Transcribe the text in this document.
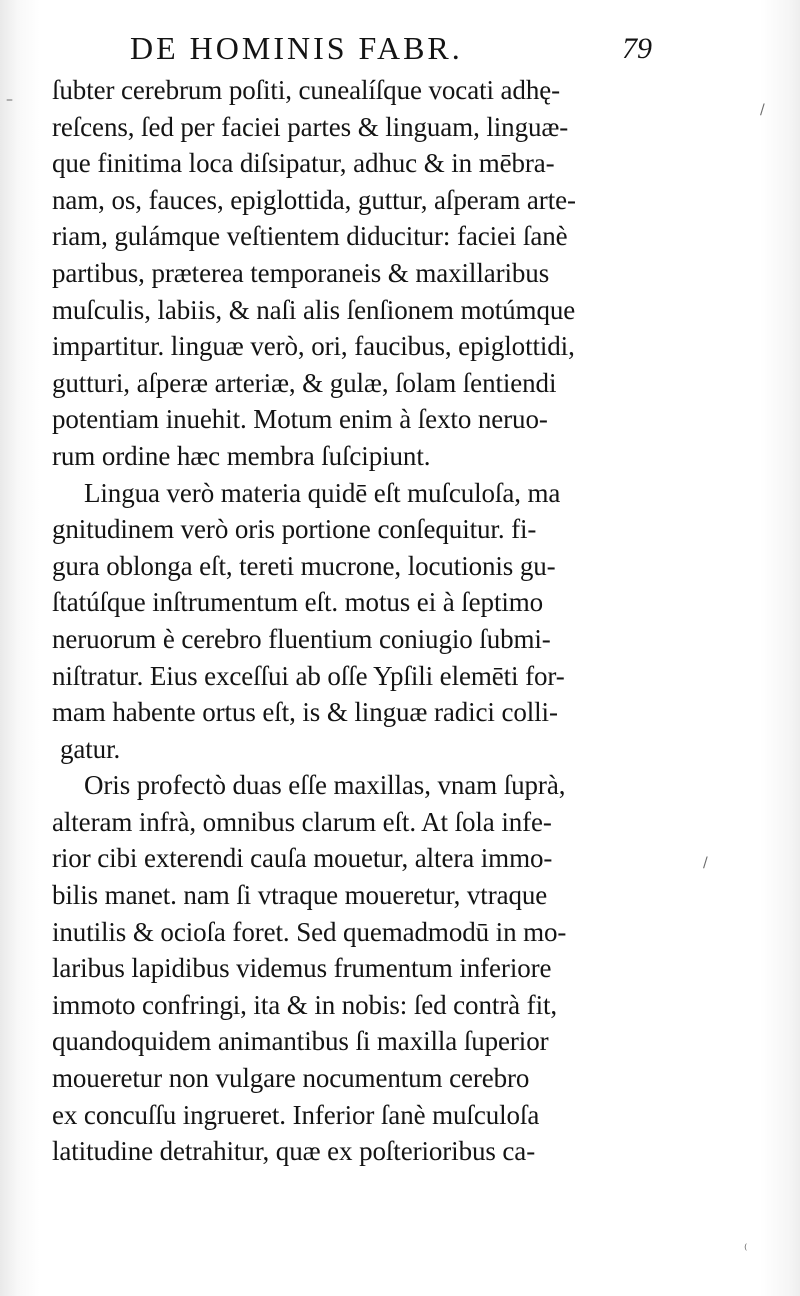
DE HOMINIS FABR.	79
ſubter cerebrum poſiti, cunealíſque vocati adhę-
reſcens, ſed per faciei partes & linguam, linguæ-
que finitima loca diſsipatur, adhuc & in mēbra-
nam, os, fauces, epiglottida, guttur, aſperam arte-
riam, gulámque veſtientem diducitur: faciei ſanè
partibus, præterea temporaneis & maxillaribus
muſculis, labiis, & naſi alis ſenſionem motúmque
impartitur. linguæ verò, ori, faucibus, epiglottidi,
gutturi, aſperæ arteriæ, & gulæ, ſolam ſentiendi
potentiam inuehit. Motum enim à ſexto neruo-
rum ordine hæc membra ſuſcipiunt.
Lingua verò materia quidē eſt muſculoſa, ma
gnitudinem verò oris portione conſequitur. fi-
gura oblonga eſt, tereti mucrone, locutionis gu-
ſtatúſque inſtrumentum eſt. motus ei à ſeptimo
neruorum è cerebro fluentium coniugio ſubmi-
niſtratur. Eius exceſſui ab oſſe Ypſili elemēti for-
mam habente ortus eſt, is & linguæ radici colli-
gatur.
Oris profectò duas eſſe maxillas, vnam ſuprà,
alteram infrà, omnibus clarum eſt. At ſola infe-
rior cibi exterendi cauſa mouetur, altera immo-
bilis manet. nam ſi vtraque moueretur, vtraque
inutilis & ocioſa foret. Sed quemadmodū in mo-
laribus lapidibus videmus frumentum inferiore
immoto confringi, ita & in nobis: ſed contrà fit,
quandoquidem animantibus ſi maxilla ſuperior
moueretur non vulgare nocumentum cerebro
ex concuſſu ingrueret. Inferior ſanè muſculoſa
latitudine detrahitur, quæ ex poſterioribus ca-
–
/
/
⁽
